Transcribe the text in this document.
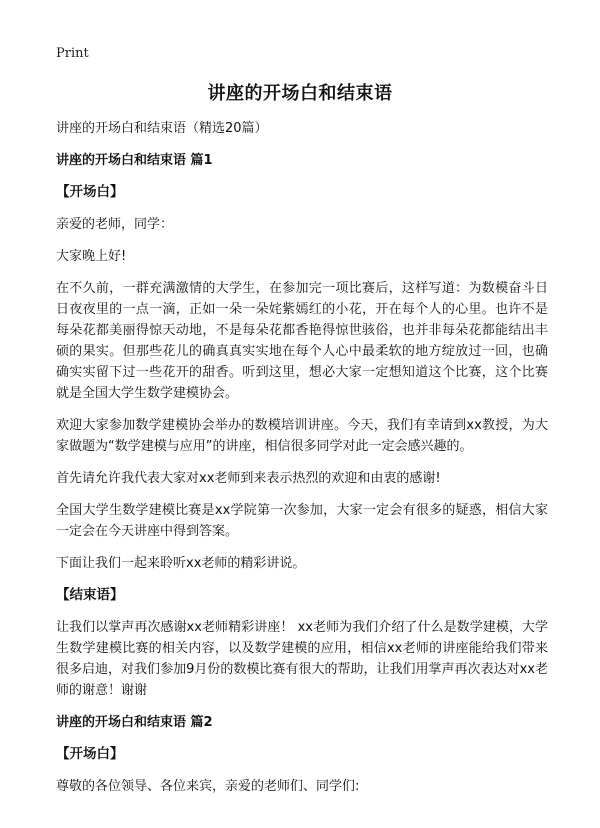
Print
讲座的开场白和结束语
讲座的开场白和结束语（精选20篇）
讲座的开场白和结束语 篇1
【开场白】
亲爱的老师，同学：
大家晚上好!
在不久前，一群充满激情的大学生，在参加完一项比赛后，这样写道：为数模奋斗日日夜夜里的一点一滴，正如一朵一朵姹紫嫣红的小花，开在每个人的心里。也许不是每朵花都美丽得惊天动地，不是每朵花都香艳得惊世骇俗，也并非每朵花都能结出丰硕的果实。但那些花儿的确真真实实地在每个人心中最柔软的地方绽放过一回，也确确实实留下过一些花开的甜香。听到这里，想必大家一定想知道这个比赛，这个比赛就是全国大学生数学建模协会。
欢迎大家参加数学建模协会举办的数模培训讲座。今天，我们有幸请到xx教授，为大家做题为“数学建模与应用”的讲座，相信很多同学对此一定会感兴趣的。
首先请允许我代表大家对xx老师到来表示热烈的欢迎和由衷的感谢!
全国大学生数学建模比赛是xx学院第一次参加，大家一定会有很多的疑惑，相信大家一定会在今天讲座中得到答案。
下面让我们一起来聆听xx老师的精彩讲说。
【结束语】
让我们以掌声再次感谢xx老师精彩讲座！ xx老师为我们介绍了什么是数学建模，大学生数学建模比赛的相关内容，以及数学建模的应用，相信xx老师的讲座能给我们带来很多启迪，对我们参加9月份的数模比赛有很大的帮助，让我们用掌声再次表达对xx老师的谢意！谢谢
讲座的开场白和结束语 篇2
【开场白】
尊敬的各位领导、各位来宾，亲爱的老师们、同学们:
